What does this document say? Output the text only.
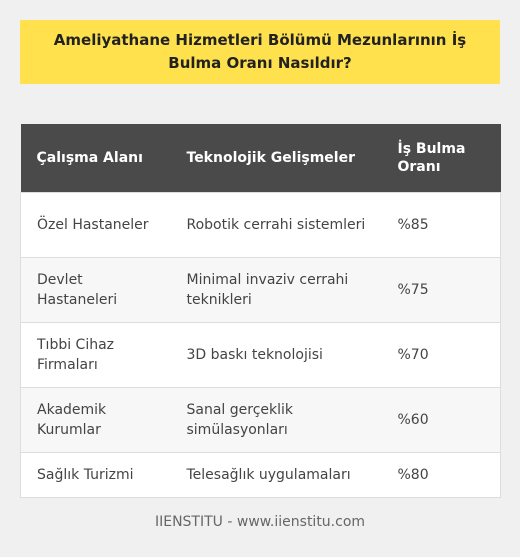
Ameliyathane Hizmetleri Bölümü Mezunlarının İş Bulma Oranı Nasıldır?
Çalışma Alanı	Teknolojik Gelişmeler	İş Bulma Oranı
Özel Hastaneler	Robotik cerrahi sistemleri	%85
Devlet Hastaneleri	Minimal invaziv cerrahi teknikleri	%75
Tıbbi Cihaz Firmaları	3D baskı teknolojisi	%70
Akademik Kurumlar	Sanal gerçeklik simülasyonları	%60
Sağlık Turizmi	Telesağlık uygulamaları	%80
IIENSTITU - www.iienstitu.com
